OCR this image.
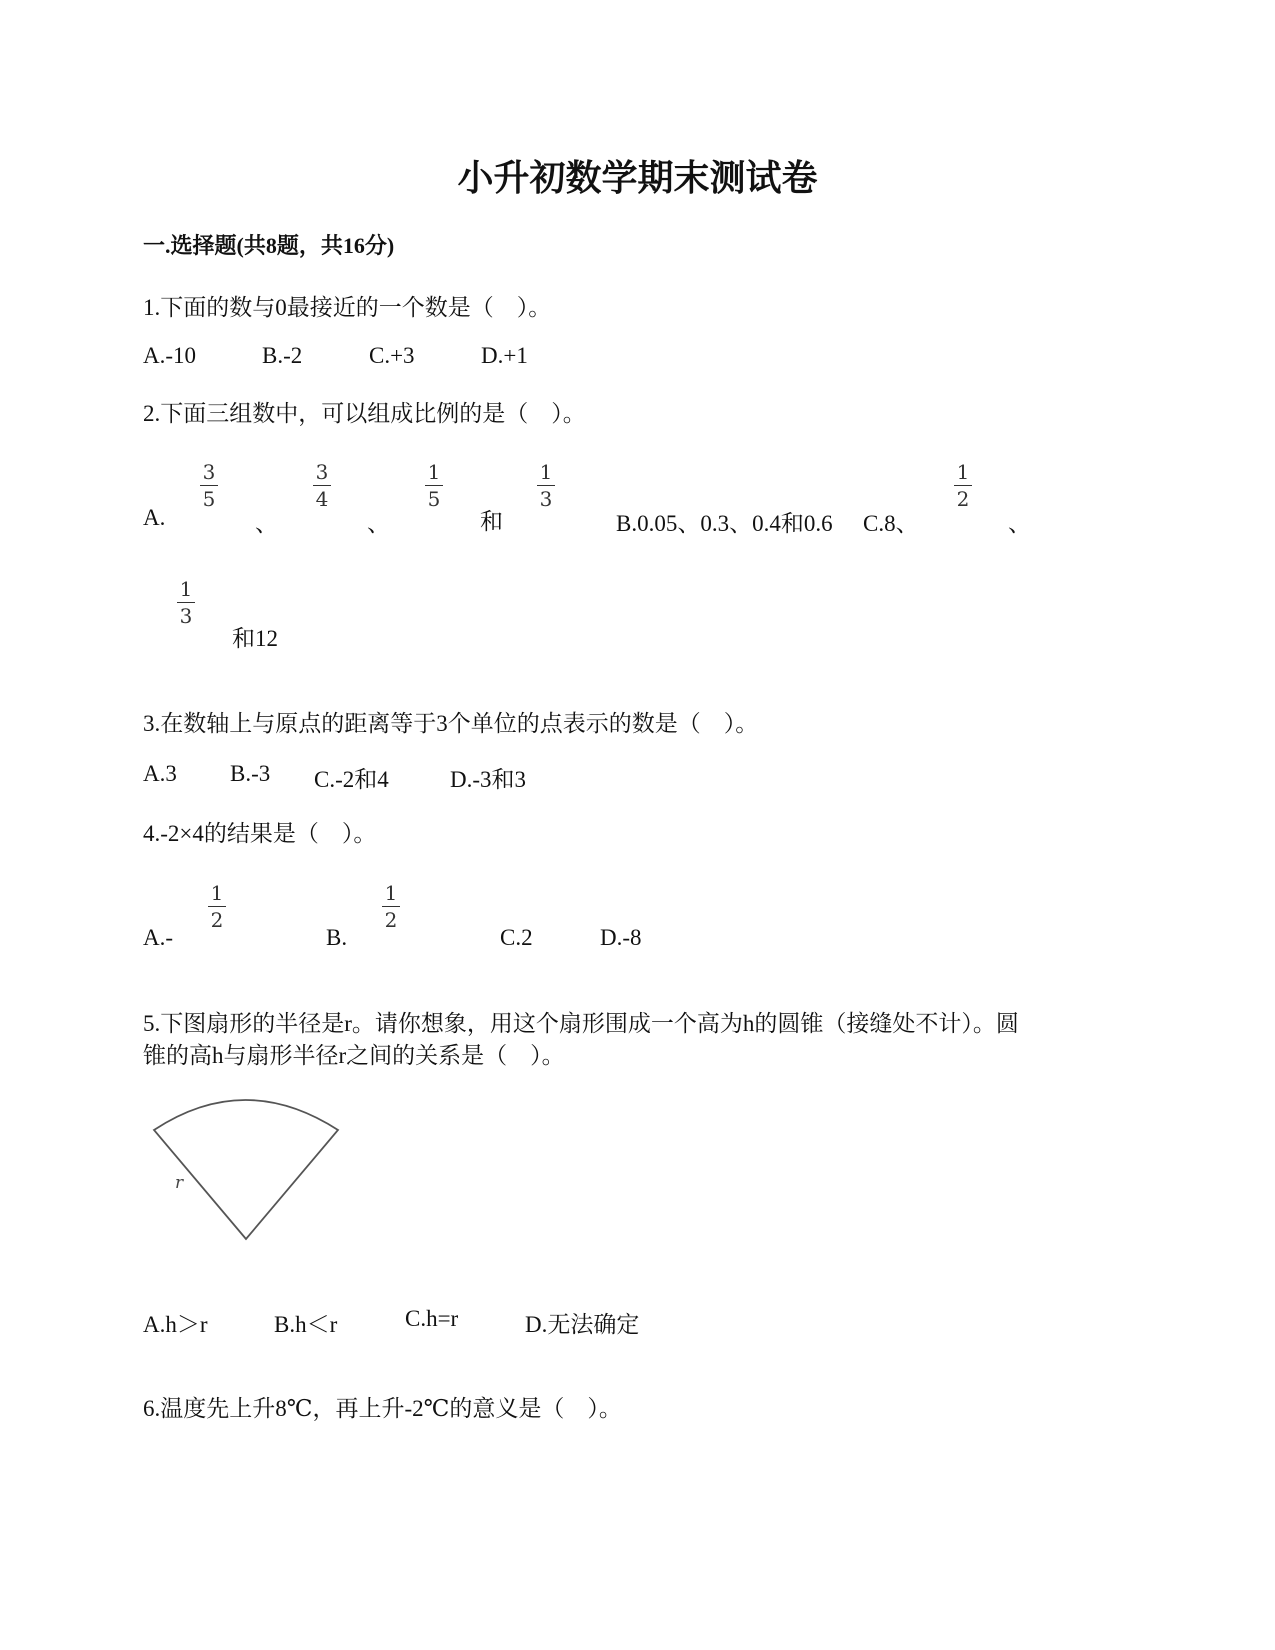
小升初数学期末测试卷
一.选择题(共8题，共16分)
1.下面的数与0最接近的一个数是（　）。
A.-10	B.-2	C.+3	D.+1
2.下面三组数中，可以组成比例的是（　）。
A.
3
5
、
3
4
、
1
5
和
1
3
B.0.05、0.3、0.4和0.6 C.8、
1
2
、
1
3
和12
3.在数轴上与原点的距离等于3个单位的点表示的数是（　）。
A.3 B.-3 C.-2和4	D.-3和3
4.-2×4的结果是（　）。
A.-
1
2
B.
1
2
C.2	D.-8
5.下图扇形的半径是r。请你想象，用这个扇形围成一个高为h的圆锥（接缝处不计）。圆
锥的高h与扇形半径r之间的关系是（　）。
r
A.h＞r	B.h＜r	C.h=r	D.无法确定
6.温度先上升8℃，再上升-2℃的意义是（　）。
